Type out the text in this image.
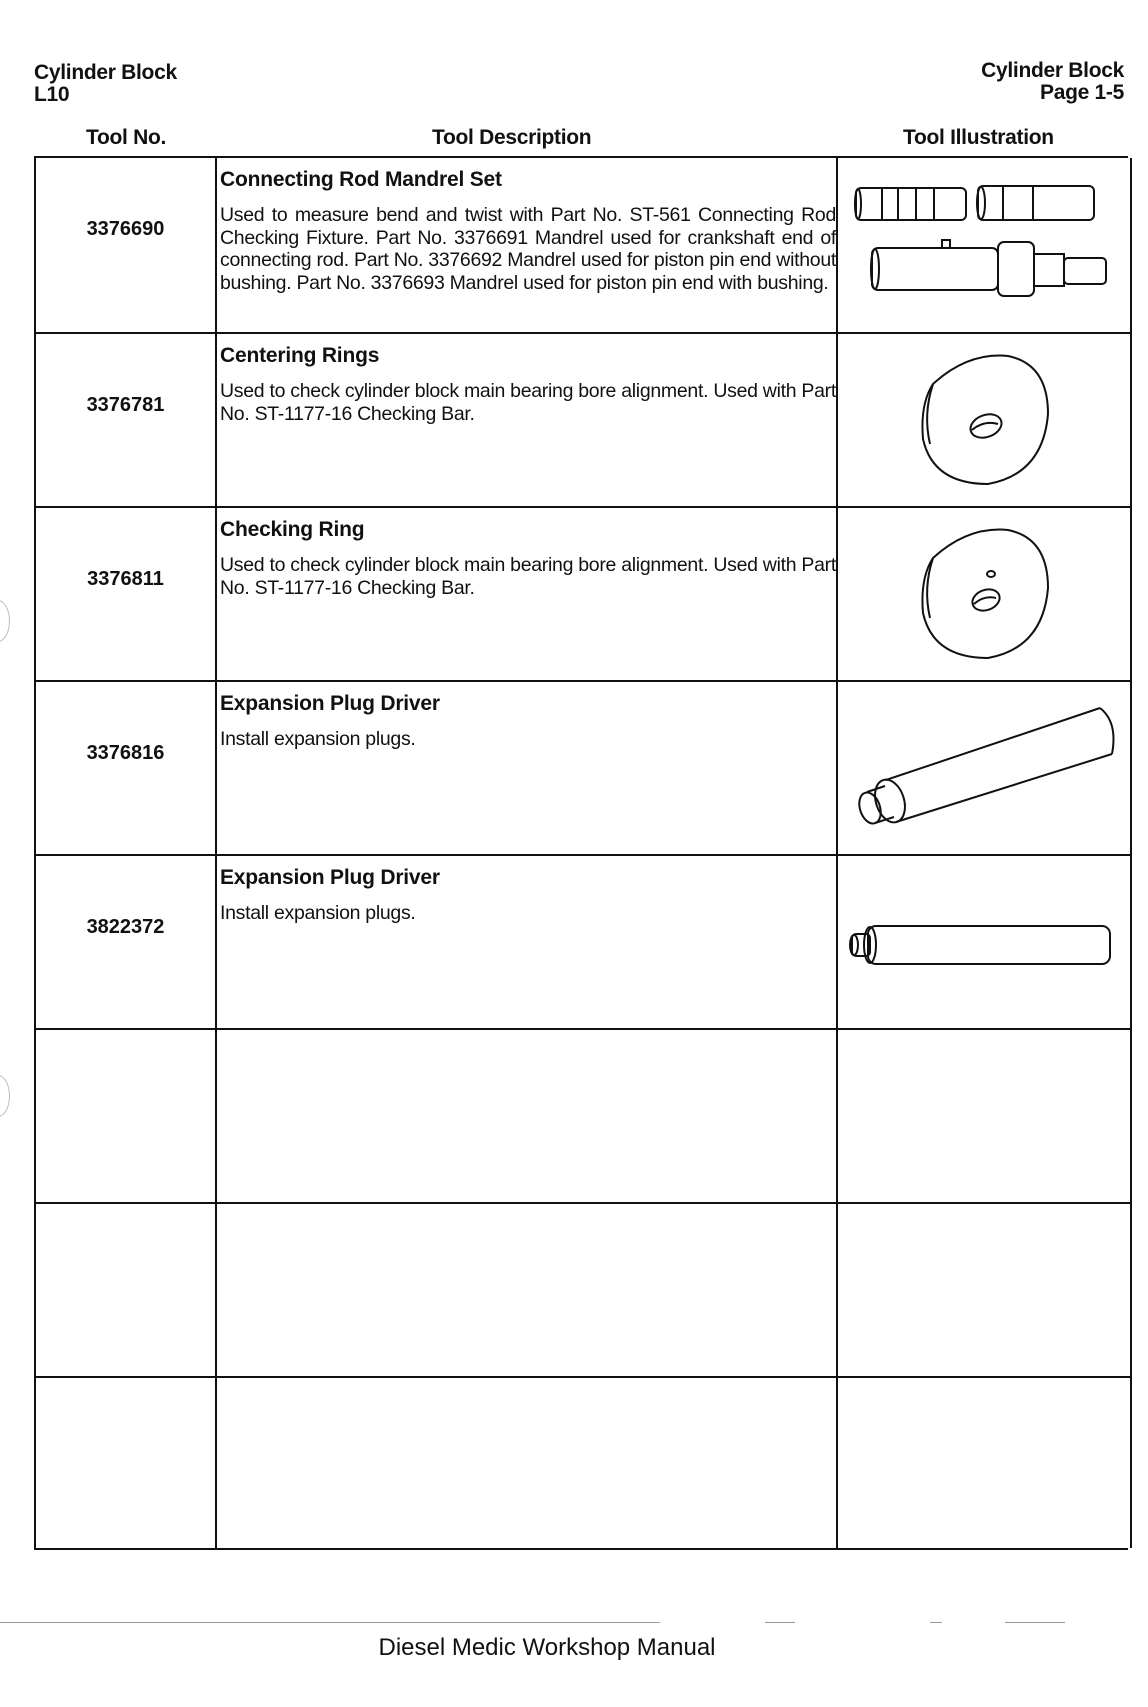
Cylinder Block
L10
Cylinder Block
Page 1-5
Tool No.	Tool Description	Tool Illustration
3376690
Connecting Rod Mandrel Set
Used to measure bend and twist with Part No. ST-561 Connecting Rod Checking Fixture. Part No. 3376691 Mandrel used for crankshaft end of connecting rod. Part No. 3376692 Mandrel used for piston pin end without bushing. Part No. 3376693 Mandrel used for piston pin end with bushing.
3376781
Centering Rings
Used to check cylinder block main bearing bore alignment. Used with Part No. ST-1177-16 Checking Bar.
3376811
Checking Ring
Used to check cylinder block main bearing bore alignment. Used with Part No. ST-1177-16 Checking Bar.
3376816
Expansion Plug Driver
Install expansion plugs.
3822372
Expansion Plug Driver
Install expansion plugs.
Diesel Medic Workshop Manual
